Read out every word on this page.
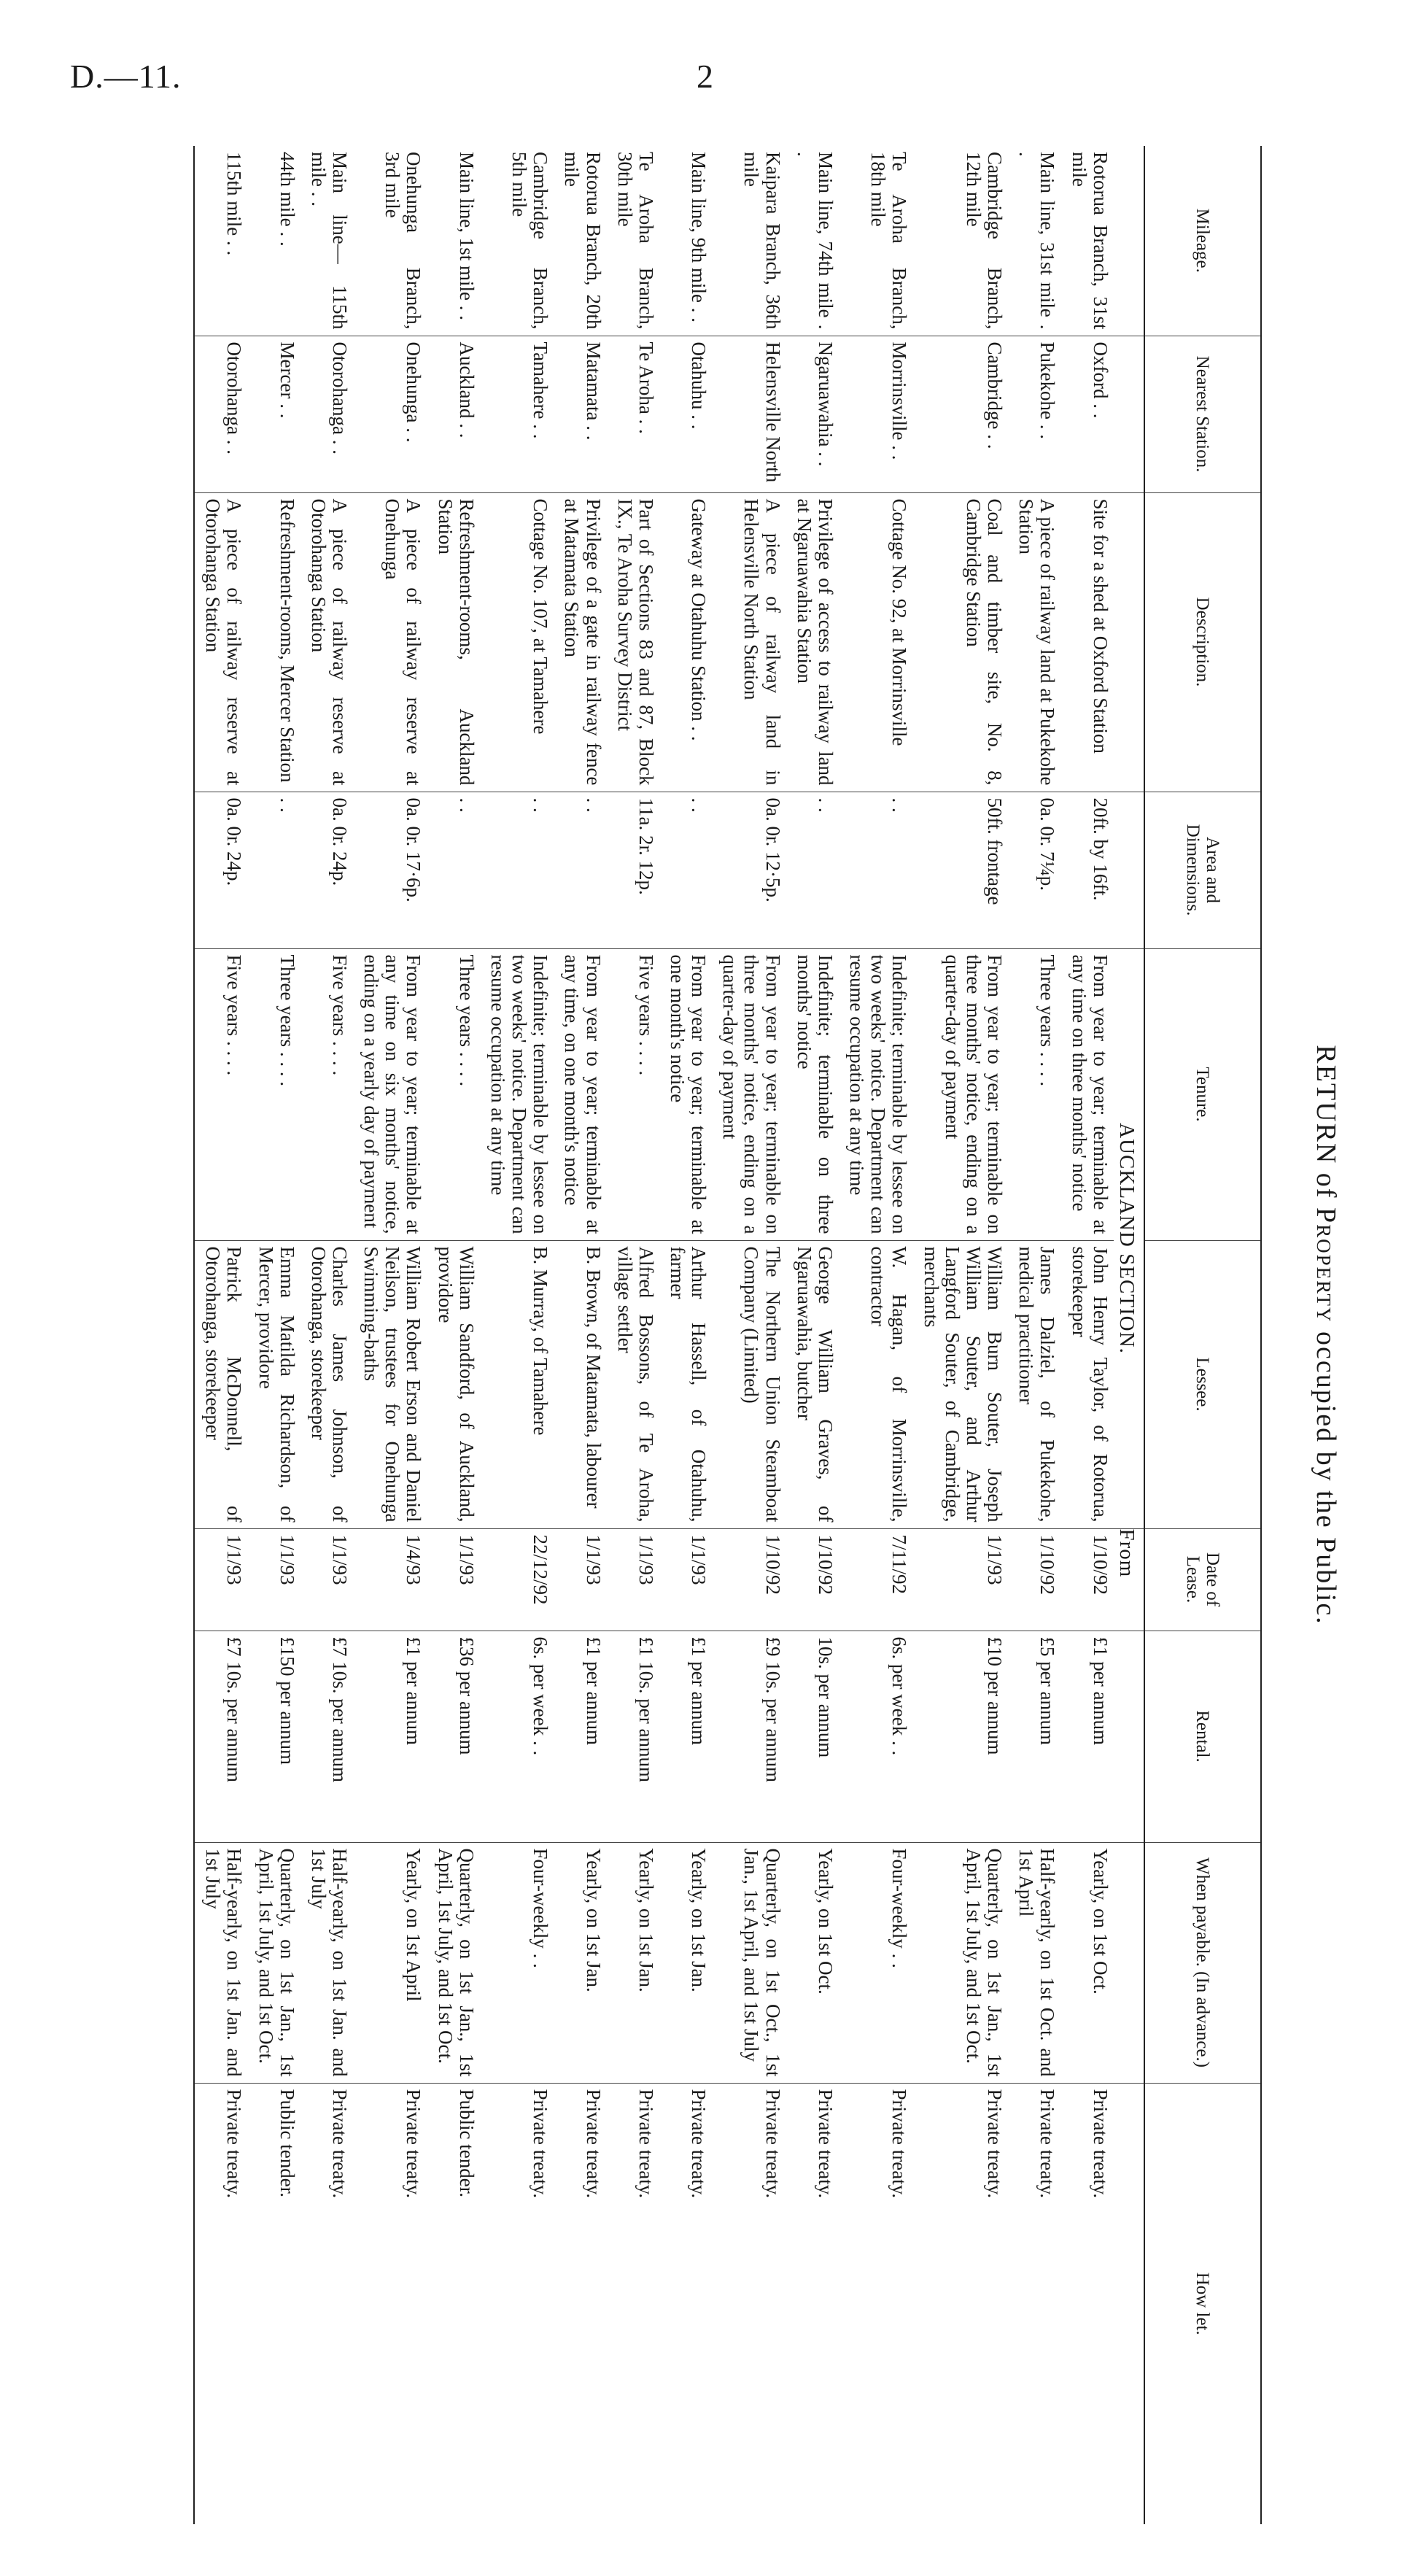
D.—11.	2
RETURN of Property occupied by the Public.
Mileage.	Nearest Station.	Description.	Area and Dimensions.	Tenure.	Lessee.	Date of Lease.	Rental.	When payable. (In advance.)	How let.
				AUCKLAND SECTION.		From			
Rotorua Branch, 31st mile	Oxford . .	Site for a shed at Oxford Station	20ft. by 16ft.	From year to year; terminable at any time on three months' notice	John Henry Taylor, of Rotorua, storekeeper	1/10/92	£1 per annum	Yearly, on 1st Oct.	Private treaty.
Main line, 31st mile . .	Pukekohe . .	A piece of railway land at Pukekohe Station	0a. 0r. 7¼p.	Three years . . . .	James Dalziel, of Pukekohe, medical practitioner	1/10/92	£5 per annum	Half-yearly, on 1st Oct. and 1st April	Private treaty.
Cambridge Branch, 12th mile	Cambridge . .	Coal and timber site, No. 8, Cambridge Station	50ft. frontage	From year to year; terminable on three months' notice, ending on a quarter-day of payment	William Burn Souter, Joseph William Souter, and Arthur Langford Souter, of Cambridge, merchants	1/1/93	£10 per annum	Quarterly, on 1st Jan., 1st April, 1st July, and 1st Oct.	Private treaty.
Te Aroha Branch, 18th mile	Morrinsville . .	Cottage No. 92, at Morrinsville	. .	Indefinite; terminable by lessee on two weeks' notice. Department can resume occupation at any time	W. Hagan, of Morrinsville, contractor	7/11/92	6s. per week . .	Four-weekly . .	Private treaty.
Main line, 74th mile . .	Ngaruawahia . .	Privilege of access to railway land at Ngaruawahia Station	. .	Indefinite; terminable on three months' notice	George William Graves, of Ngaruawahia, butcher	1/10/92	10s. per annum	Yearly, on 1st Oct.	Private treaty.
Kaipara Branch, 36th mile	Helensville North	A piece of railway land in Helensville North Station	0a. 0r. 12·5p.	From year to year; terminable on three months' notice, ending on a quarter-day of payment	The Northern Union Steamboat Company (Limited)	1/10/92	£9 10s. per annum	Quarterly, on 1st Oct., 1st Jan., 1st April, and 1st July	Private treaty.
Main line, 9th mile . .	Otahuhu . .	Gateway at Otahuhu Station . .	. .	From year to year; terminable at one month's notice	Arthur Hassell, of Otahuhu, farmer	1/1/93	£1 per annum	Yearly, on 1st Jan.	Private treaty.
Te Aroha Branch, 30th mile	Te Aroha . .	Part of Sections 83 and 87, Block IX., Te Aroha Survey District	11a. 2r. 12p.	Five years . . . .	Alfred Bossons, of Te Aroha, village settler	1/1/93	£1 10s. per annum	Yearly, on 1st Jan.	Private treaty.
Rotorua Branch, 20th mile	Matamata . .	Privilege of a gate in railway fence at Matamata Station	. .	From year to year; terminable at any time, on one month's notice	B. Brown, of Matamata, labourer	1/1/93	£1 per annum	Yearly, on 1st Jan.	Private treaty.
Cambridge Branch, 5th mile	Tamahere . .	Cottage No. 107, at Tamahere	. .	Indefinite; terminable by lessee on two weeks' notice. Department can resume occupation at any time	B. Murray, of Tamahere	22/12/92	6s. per week . .	Four-weekly . .	Private treaty.
Main line, 1st mile . .	Auckland . .	Refreshment-rooms, Auckland Station	. .	Three years . . . .	William Sandford, of Auckland, providore	1/1/93	£36 per annum	Quarterly, on 1st Jan., 1st April, 1st July, and 1st Oct.	Public tender.
Onehunga Branch, 3rd mile	Onehunga . .	A piece of railway reserve at Onehunga	0a. 0r. 17·6p.	From year to year; terminable at any time on six months' notice, ending on a yearly day of payment	William Robert Erson and Daniel Neilson, trustees for Onehunga Swimming-baths	1/4/93	£1 per annum	Yearly, on 1st April	Private treaty.
Main line— 115th mile . .	Otorohanga . .	A piece of railway reserve at Otorohanga Station	0a. 0r. 24p.	Five years . . . .	Charles James Johnson, of Otorohanga, storekeeper	1/1/93	£7 10s. per annum	Half-yearly, on 1st Jan. and 1st July	Private treaty.
44th mile . .	Mercer . .	Refreshment-rooms, Mercer Station	. .	Three years . . . .	Emma Matilda Richardson, of Mercer, providore	1/1/93	£150 per annum	Quarterly, on 1st Jan., 1st April, 1st July, and 1st Oct.	Public tender.
115th mile . .	Otorohanga . .	A piece of railway reserve at Otorohanga Station	0a. 0r. 24p.	Five years . . . .	Patrick McDonnell, of Otorohanga, storekeeper	1/1/93	£7 10s. per annum	Half-yearly, on 1st Jan. and 1st July	Private treaty.
